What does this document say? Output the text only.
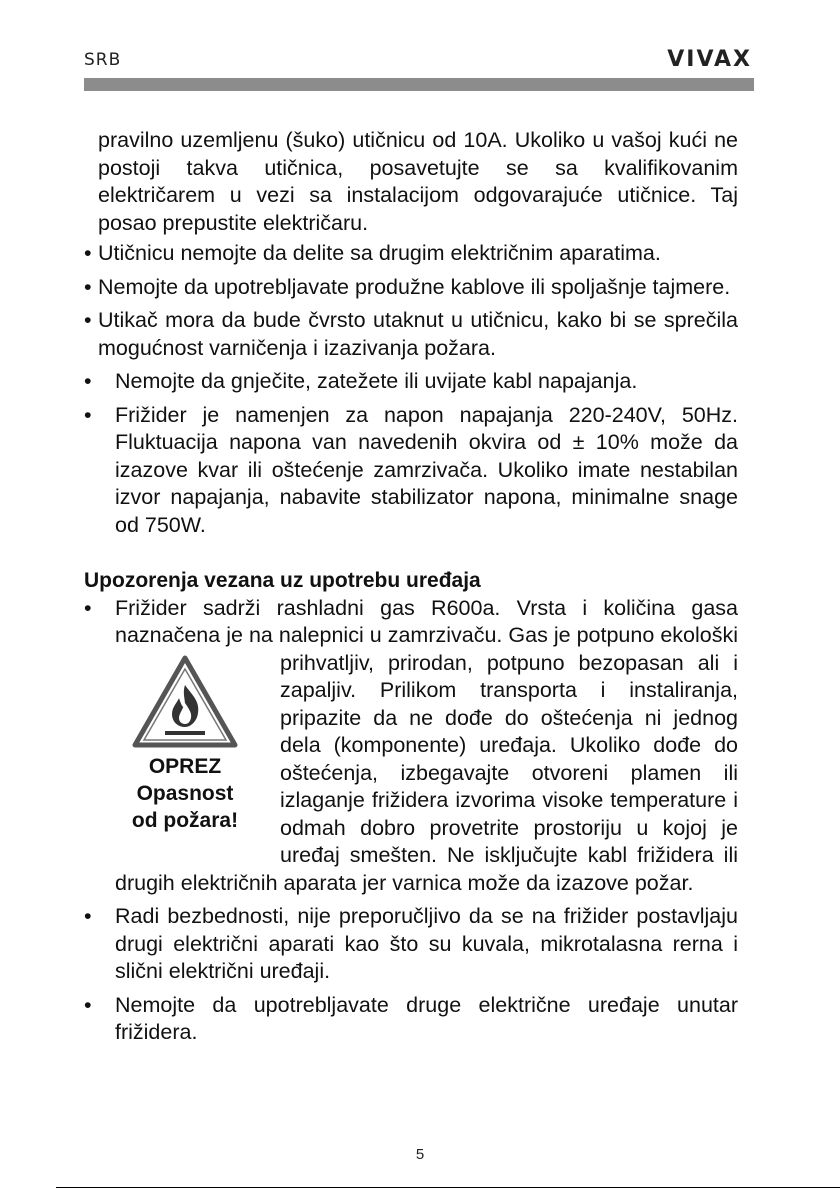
SRB	VIVAX

pravilno uzemljenu (šuko) utičnicu od 10A. Ukoliko u vašoj kući ne postoji takva utičnica, posavetujte se sa kvalifikovanim električarem u vezi sa instalacijom odgovarajuće utičnice. Taj posao prepustite električaru.

• Utičnicu nemojte da delite sa drugim električnim aparatima.

• Nemojte da upotrebljavate produžne kablove ili spoljašnje tajmere.

• Utikač mora da bude čvrsto utaknut u utičnicu, kako bi se sprečila mogućnost varničenja i izazivanja požara.

• Nemojte da gnječite, zatežete ili uvijate kabl napajanja.

• Frižider je namenjen za napon napajanja 220-240V, 50Hz. Fluktuacija napona van navedenih okvira od ± 10% može da izazove kvar ili oštećenje zamrzivača. Ukoliko imate nestabilan izvor napajanja, nabavite stabilizator napona, minimalne snage od 750W.

Upozorenja vezana uz upotrebu uređaja

• Frižider sadrži rashladni gas R600a. Vrsta i količina gasa naznačena je na nalepnici u zamrzivaču. Gas je potpuno
OPREZ
Opasnost
od požara!
ekološki prihvatljiv, prirodan, potpuno bezopasan ali i zapaljiv. Prilikom transporta i instaliranja, pripazite da ne dođe do oštećenja ni jednog dela (komponente) uređaja. Ukoliko dođe do oštećenja, izbegavajte otvoreni plamen ili izlaganje frižidera izvorima visoke temperature i odmah dobro provetrite prostoriju u kojoj je uređaj smešten. Ne isključujte kabl frižidera ili drugih električnih aparata jer varnica može da izazove požar.

• Radi bezbednosti, nije preporučljivo da se na frižider postavljaju drugi električni aparati kao što su kuvala, mikrotalasna rerna i slični električni uređaji.

• Nemojte da upotrebljavate druge električne uređaje unutar frižidera.

5
